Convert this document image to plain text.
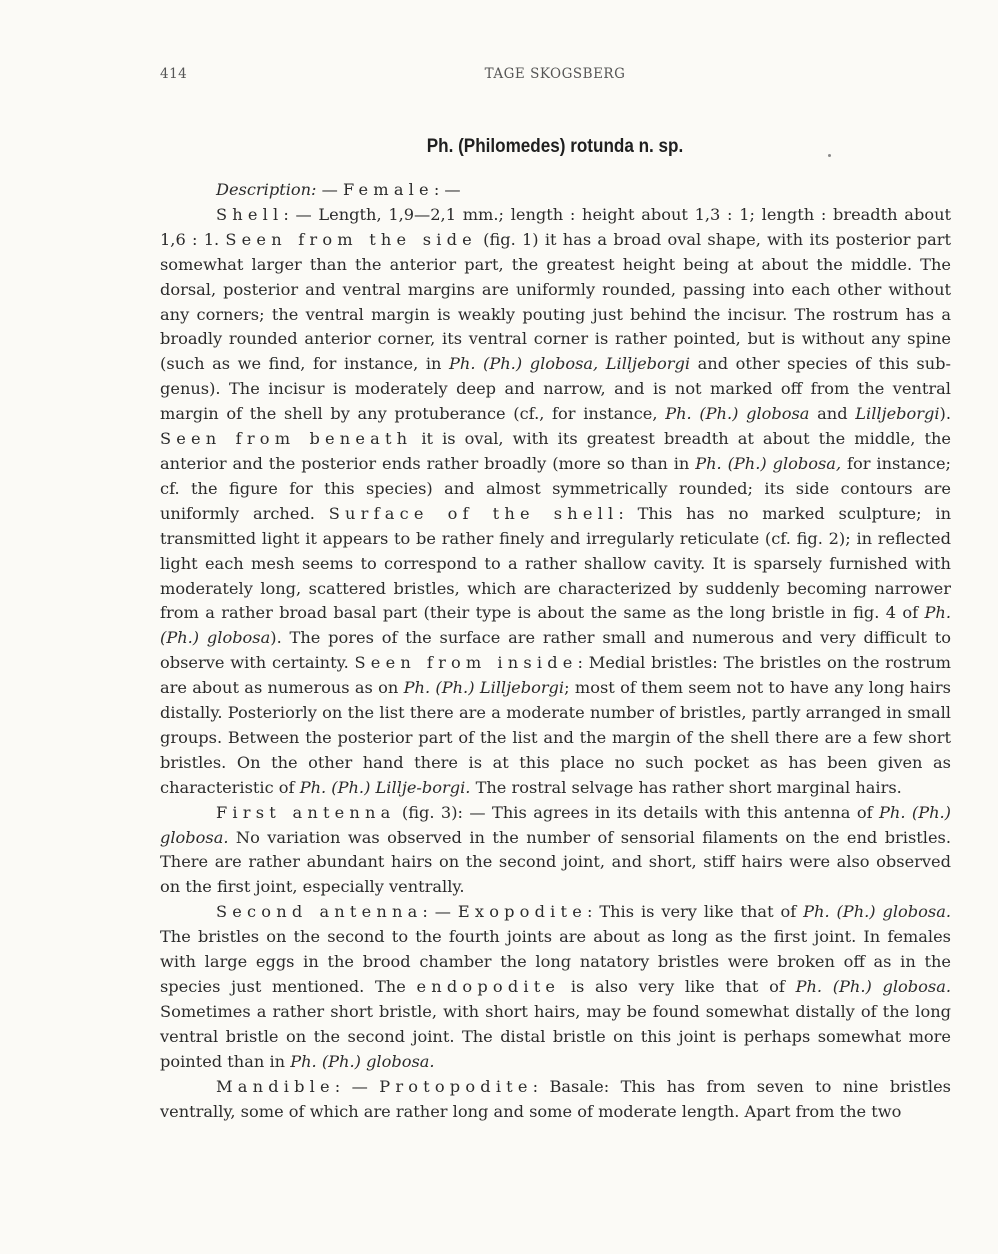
414	TAGE SKOGSBERG
Ph. (Philomedes) rotunda n. sp.

Description: — Female: —

Shell: — Length, 1,9—2,1 mm.; length : height about 1,3 : 1; length : breadth about 1,6 : 1. Seen from the side (fig. 1) it has a broad oval shape, with its posterior part somewhat larger than the anterior part, the greatest height being at about the middle. The dorsal, posterior and ventral margins are uniformly rounded, passing into each other without any corners; the ventral margin is weakly pouting just behind the incisur. The rostrum has a broadly rounded anterior corner, its ventral corner is rather pointed, but is without any spine (such as we find, for instance, in Ph. (Ph.) globosa, Lilljeborgi and other species of this sub-genus). The incisur is moderately deep and narrow, and is not marked off from the ventral margin of the shell by any protuberance (cf., for instance, Ph. (Ph.) globosa and Lilljeborgi). Seen from beneath it is oval, with its greatest breadth at about the middle, the anterior and the posterior ends rather broadly (more so than in Ph. (Ph.) globosa, for instance; cf. the figure for this species) and almost symmetrically rounded; its side contours are uniformly arched. Surface of the shell: This has no marked sculpture; in transmitted light it appears to be rather finely and irregularly reticulate (cf. fig. 2); in reflected light each mesh seems to correspond to a rather shallow cavity. It is sparsely furnished with moderately long, scattered bristles, which are characterized by suddenly becoming narrower from a rather broad basal part (their type is about the same as the long bristle in fig. 4 of Ph. (Ph.) globosa). The pores of the surface are rather small and numerous and very difficult to observe with certainty. Seen from inside: Medial bristles: The bristles on the rostrum are about as numerous as on Ph. (Ph.) Lilljeborgi; most of them seem not to have any long hairs distally. Posteriorly on the list there are a moderate number of bristles, partly arranged in small groups. Between the posterior part of the list and the margin of the shell there are a few short bristles. On the other hand there is at this place no such pocket as has been given as characteristic of Ph. (Ph.) Lillje-borgi. The rostral selvage has rather short marginal hairs.

First antenna (fig. 3): — This agrees in its details with this antenna of Ph. (Ph.) globosa. No variation was observed in the number of sensorial filaments on the end bristles. There are rather abundant hairs on the second joint, and short, stiff hairs were also observed on the first joint, especially ventrally.

Second antenna: — Exopodite: This is very like that of Ph. (Ph.) globosa. The bristles on the second to the fourth joints are about as long as the first joint. In females with large eggs in the brood chamber the long natatory bristles were broken off as in the species just mentioned. The endopodite is also very like that of Ph. (Ph.) globosa. Sometimes a rather short bristle, with short hairs, may be found somewhat distally of the long ventral bristle on the second joint. The distal bristle on this joint is perhaps somewhat more pointed than in Ph. (Ph.) globosa.

Mandible: — Protopodite: Basale: This has from seven to nine bristles ventrally, some of which are rather long and some of moderate length. Apart from the two
